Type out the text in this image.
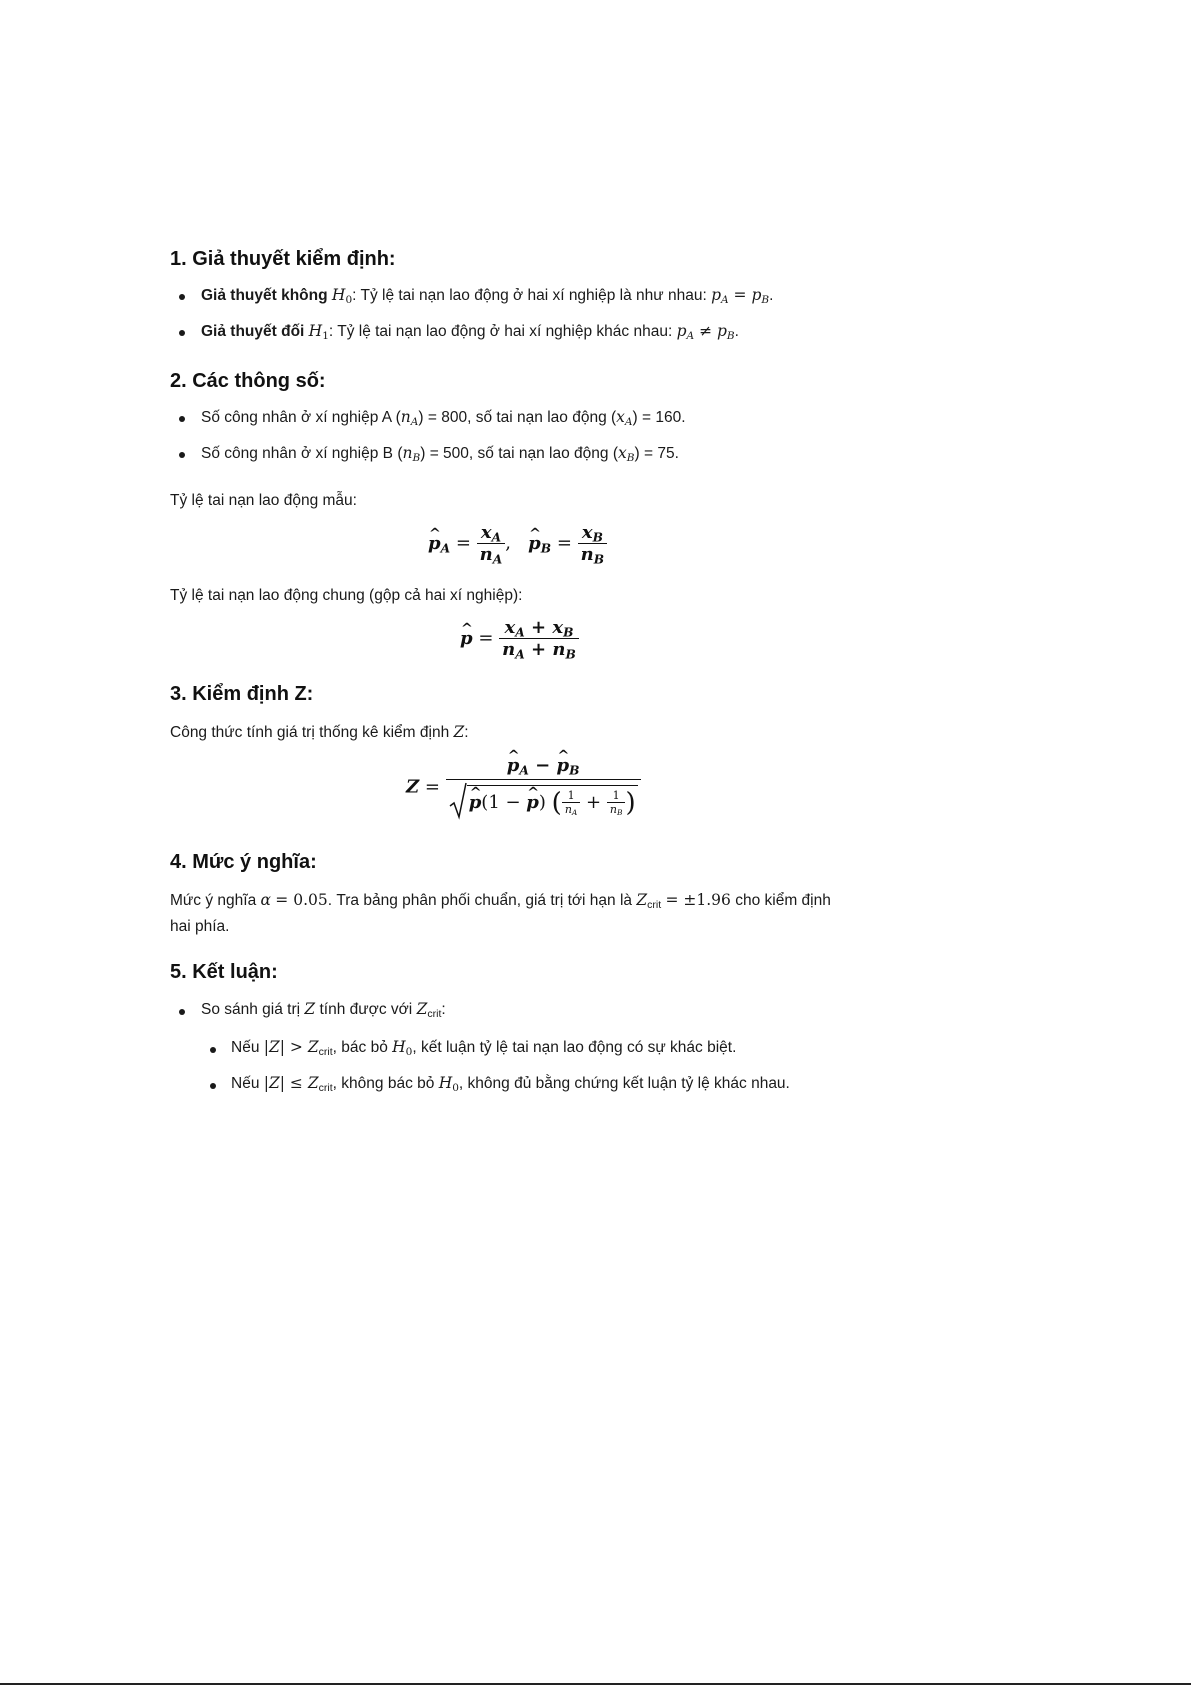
1. Giả thuyết kiểm định:

Giả thuyết không $H_0$: Tỷ lệ tai nạn lao động ở hai xí nghiệp là như nhau: $p_A = p_B$.

Giả thuyết đối $H_1$: Tỷ lệ tai nạn lao động ở hai xí nghiệp khác nhau: $p_A \ne p_B$.

2. Các thông số:

Số công nhân ở xí nghiệp A $(n_A) = 800$, số tai nạn lao động $(x_A) = 160$.

Số công nhân ở xí nghiệp B $(n_B) = 500$, số tai nạn lao động $(x_B) = 75$.

Tỷ lệ tai nạn lao động mẫu:

^ $p_A = \frac{x_A}{n_A}$ , ^ $p_B = \frac{x_B}{n_B}$

Tỷ lệ tai nạn lao động chung (gộp cả hai xí nghiệp):

^ $p = \frac{x_A + x_B}{n_A + n_B}$
3. Kiểm định Z:

Công thức tính giá trị thống kê kiểm định Z:

Z = ^ $p_A$ − ^ $p_B$
^ p(1 − ^ p) ( $\frac{1}{n_A} + \frac{1}{n_B}$ )
4. Mức ý nghĩa:

Mức ý nghĩa α = 0.05. Tra bảng phân phối chuẩn, giá trị tới hạn là $Z_{crit} = \pm 1.96$ cho kiểm định

hai phía.

5. Kết luận:

So sánh giá trị Z tính được với $Z_{crit}$:

Nếu $|Z| > Z_{crit}$, bác bỏ $H_0$, kết luận tỷ lệ tai nạn lao động có sự khác biệt.

Nếu $|Z| \le Z_{crit}$, không bác bỏ $H_0$, không đủ bằng chứng kết luận tỷ lệ khác nhau.
